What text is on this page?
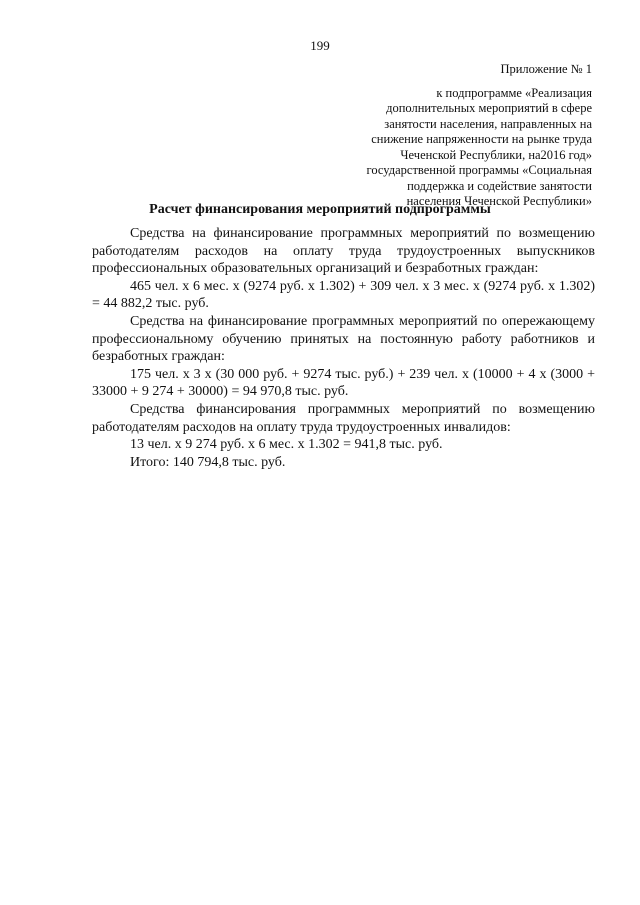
199
Приложение № 1
к подпрограмме «Реализация
дополнительных мероприятий в сфере
занятости населения, направленных на
снижение напряженности на рынке труда
Чеченской Республики, на2016 год»
государственной программы «Социальная
поддержка и содействие занятости
населения Чеченской Республики»
Расчет финансирования мероприятий подпрограммы

Средства на финансирование программных мероприятий по возмещению работодателям расходов на оплату труда трудоустроенных выпускников профессиональных образовательных организаций и безработных граждан:

465 чел. х 6 мес. х (9274 руб. х 1.302) + 309 чел. х 3 мес. х (9274 руб. х 1.302) = 44 882,2 тыс. руб.

Средства на финансирование программных мероприятий по опережающему профессиональному обучению принятых на постоянную работу работников и безработных граждан:

175 чел. х 3 х (30 000 руб. + 9274 тыс. руб.) + 239 чел. х (10000 + 4 х (3000 + 33000 + 9 274 + 30000) = 94 970,8 тыс. руб.

Средства финансирования программных мероприятий по возмещению работодателям расходов на оплату труда трудоустроенных инвалидов:

13 чел. х 9 274 руб. х 6 мес. х 1.302 = 941,8 тыс. руб.

Итого: 140 794,8 тыс. руб.
